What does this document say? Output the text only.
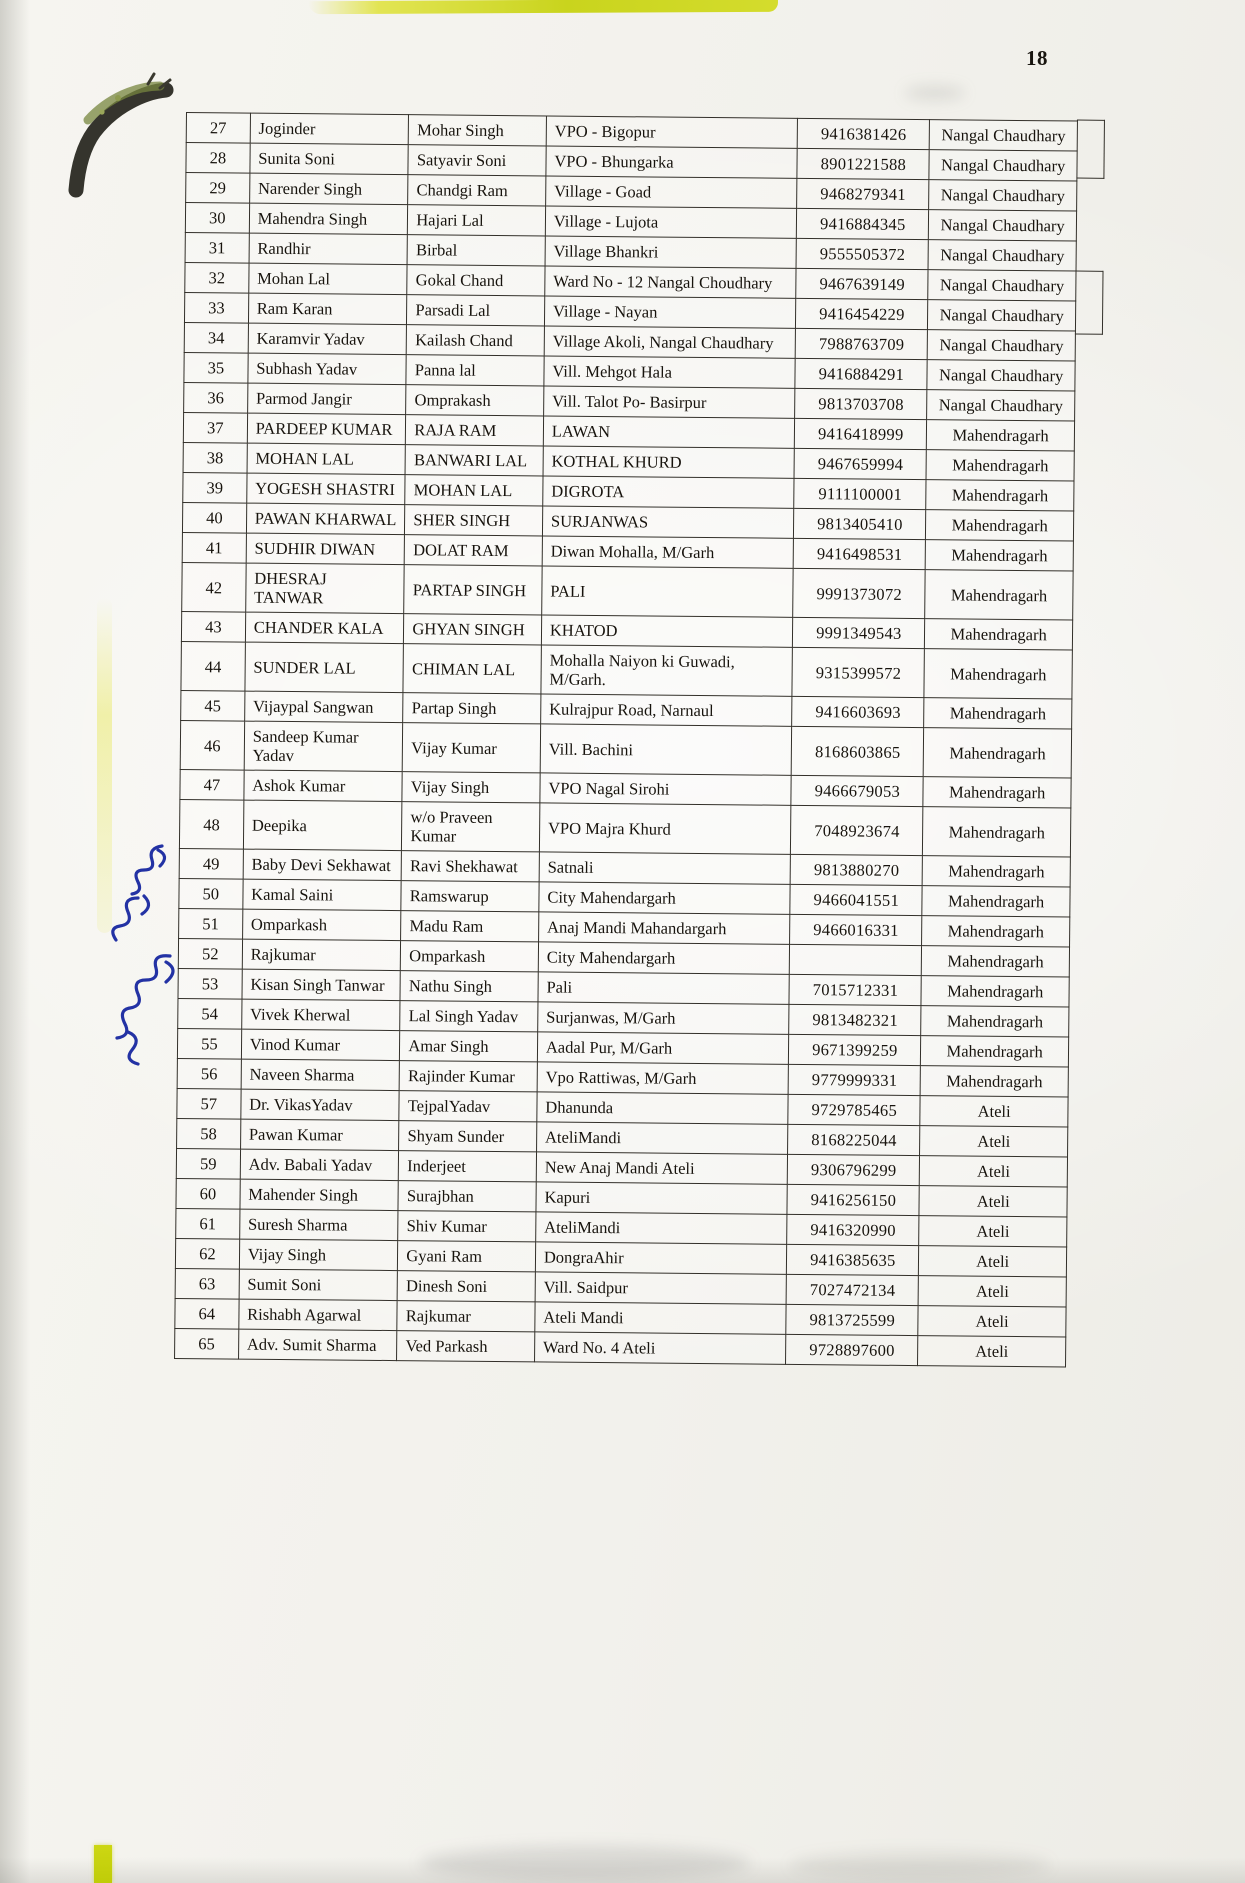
18
27	Joginder	Mohar Singh	VPO - Bigopur	9416381426	Nangal Chaudhary
28	Sunita Soni	Satyavir Soni	VPO - Bhungarka	8901221588	Nangal Chaudhary
29	Narender Singh	Chandgi Ram	Village - Goad	9468279341	Nangal Chaudhary
30	Mahendra Singh	Hajari Lal	Village - Lujota	9416884345	Nangal Chaudhary
31	Randhir	Birbal	Village Bhankri	9555505372	Nangal Chaudhary
32	Mohan Lal	Gokal Chand	Ward No - 12 Nangal Choudhary	9467639149	Nangal Chaudhary
33	Ram Karan	Parsadi Lal	Village - Nayan	9416454229	Nangal Chaudhary
34	Karamvir Yadav	Kailash Chand	Village Akoli, Nangal Chaudhary	7988763709	Nangal Chaudhary
35	Subhash Yadav	Panna lal	Vill. Mehgot Hala	9416884291	Nangal Chaudhary
36	Parmod Jangir	Omprakash	Vill. Talot Po- Basirpur	9813703708	Nangal Chaudhary
37	PARDEEP KUMAR	RAJA RAM	LAWAN	9416418999	Mahendragarh
38	MOHAN LAL	BANWARI LAL	KOTHAL KHURD	9467659994	Mahendragarh
39	YOGESH SHASTRI	MOHAN LAL	DIGROTA	9111100001	Mahendragarh
40	PAWAN KHARWAL	SHER SINGH	SURJANWAS	9813405410	Mahendragarh
41	SUDHIR DIWAN	DOLAT RAM	Diwan Mohalla, M/Garh	9416498531	Mahendragarh
42	DHESRAJ TANWAR	PARTAP SINGH	PALI	9991373072	Mahendragarh
43	CHANDER KALA	GHYAN SINGH	KHATOD	9991349543	Mahendragarh
44	SUNDER LAL	CHIMAN LAL	Mohalla Naiyon ki Guwadi, M/Garh.	9315399572	Mahendragarh
45	Vijaypal Sangwan	Partap Singh	Kulrajpur Road, Narnaul	9416603693	Mahendragarh
46	Sandeep Kumar Yadav	Vijay Kumar	Vill. Bachini	8168603865	Mahendragarh
47	Ashok Kumar	Vijay Singh	VPO Nagal Sirohi	9466679053	Mahendragarh
48	Deepika	w/o Praveen Kumar	VPO Majra Khurd	7048923674	Mahendragarh
49	Baby Devi Sekhawat	Ravi Shekhawat	Satnali	9813880270	Mahendragarh
50	Kamal Saini	Ramswarup	City Mahendargarh	9466041551	Mahendragarh
51	Omparkash	Madu Ram	Anaj Mandi Mahandargarh	9466016331	Mahendragarh
52	Rajkumar	Omparkash	City Mahendargarh		Mahendragarh
53	Kisan Singh Tanwar	Nathu Singh	Pali	7015712331	Mahendragarh
54	Vivek Kherwal	Lal Singh Yadav	Surjanwas, M/Garh	9813482321	Mahendragarh
55	Vinod Kumar	Amar Singh	Aadal Pur, M/Garh	9671399259	Mahendragarh
56	Naveen Sharma	Rajinder Kumar	Vpo Rattiwas, M/Garh	9779999331	Mahendragarh
57	Dr. VikasYadav	TejpalYadav	Dhanunda	9729785465	Ateli
58	Pawan Kumar	Shyam Sunder	AteliMandi	8168225044	Ateli
59	Adv. Babali Yadav	Inderjeet	New Anaj Mandi Ateli	9306796299	Ateli
60	Mahender Singh	Surajbhan	Kapuri	9416256150	Ateli
61	Suresh Sharma	Shiv Kumar	AteliMandi	9416320990	Ateli
62	Vijay Singh	Gyani Ram	DongraAhir	9416385635	Ateli
63	Sumit Soni	Dinesh Soni	Vill. Saidpur	7027472134	Ateli
64	Rishabh Agarwal	Rajkumar	Ateli Mandi	9813725599	Ateli
65	Adv. Sumit Sharma	Ved Parkash	Ward No. 4 Ateli	9728897600	Ateli
